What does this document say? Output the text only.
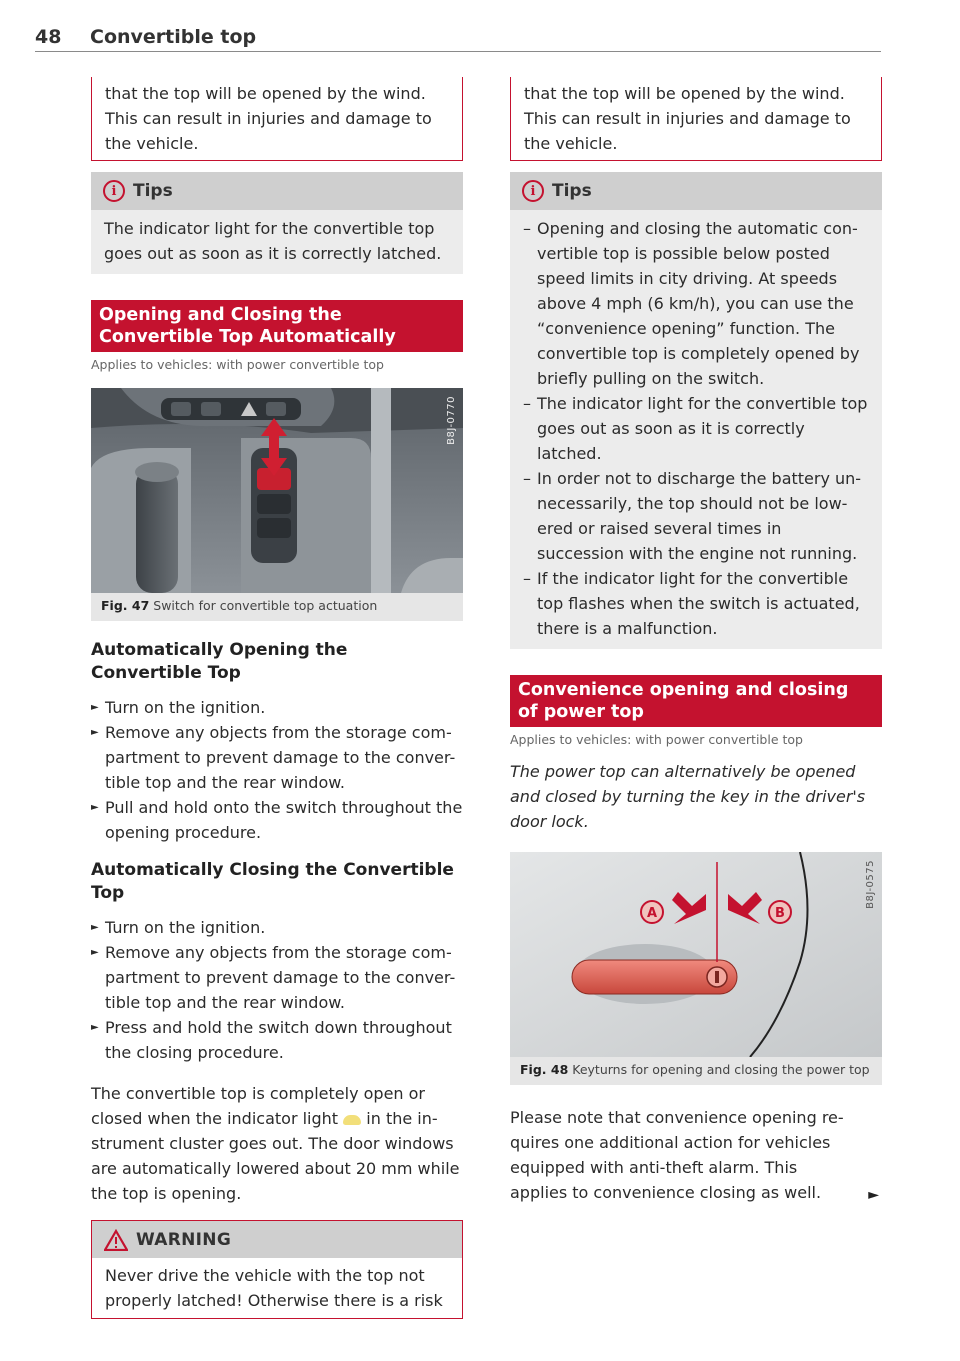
48 Convertible top

that the top will be opened by the wind. This can result in injuries and damage to the vehicle.

i Tips

The indicator light for the convertible top goes out as soon as it is correctly latched.

Opening and Closing the Convertible Top Automatically
Applies to vehicles: with power convertible top
B8J-0770
Fig. 47 Switch for convertible top actuation
Automatically Opening the Convertible Top
► Turn on the ignition.
► Remove any objects from the storage com-partment to prevent damage to the conver-tible top and the rear window.
► Pull and hold onto the switch throughout the opening procedure.
Automatically Closing the Convertible Top
► Turn on the ignition.
► Remove any objects from the storage com-partment to prevent damage to the conver-tible top and the rear window.
► Press and hold the switch down throughout the closing procedure.

The convertible top is completely open or closed when the indicator light in the in-strument cluster goes out. The door windows are automatically lowered about 20 mm while the top is opening.

WARNING

Never drive the vehicle with the top not properly latched! Otherwise there is a risk

that the top will be opened by the wind. This can result in injuries and damage to the vehicle.

i Tips
– Opening and closing the automatic con-vertible top is possible below posted speed limits in city driving. At speeds above 4 mph (6 km/h), you can use the “convenience opening” function. The convertible top is completely opened by briefly pulling on the switch.
– The indicator light for the convertible top goes out as soon as it is correctly latched.
– In order not to discharge the battery un-necessarily, the top should not be low-ered or raised several times in succession with the engine not running.
– If the indicator light for the convertible top flashes when the switch is actuated, there is a malfunction.
Convenience opening and closing of power top
Applies to vehicles: with power convertible top

The power top can alternatively be opened and closed by turning the key in the driver's door lock.

A	B
B8J-0575
Fig. 48 Keyturns for opening and closing the power top

Please note that convenience opening re-quires one additional action for vehicles equipped with anti-theft alarm. This applies to convenience closing as well.	►
